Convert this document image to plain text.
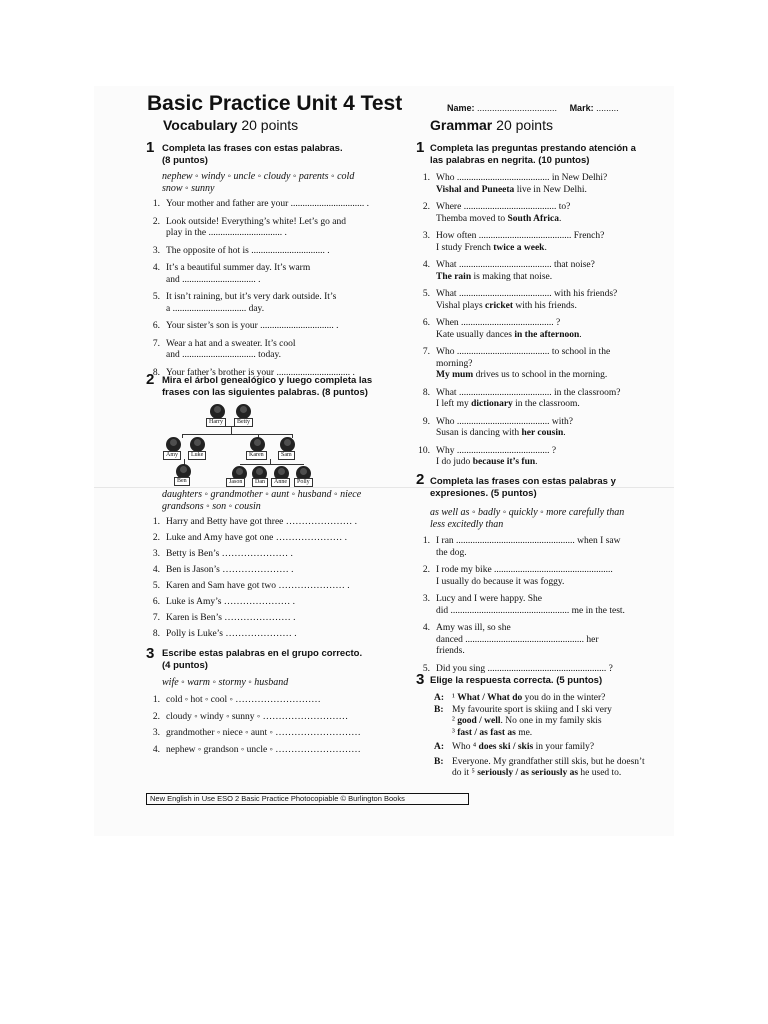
Basic Practice Unit 4 Test	Name: ................................ Mark: .........
Vocabulary 20 points	Grammar 20 points
1 Completa las frases con estas palabras.
(8 puntos)
nephew ◦ windy ◦ uncle ◦ cloudy ◦ parents ◦ cold
snow ◦ sunny
1. Your mother and father are your ............................... .
2. Look outside! Everything’s white! Let’s go and
play in the ............................... .
3. The opposite of hot is ............................... .
4. It’s a beautiful summer day. It’s warm
and ............................... .
5. It isn’t raining, but it’s very dark outside. It’s
a ............................... day.
6. Your sister’s son is your ............................... .
7. Wear a hat and a sweater. It’s cool
and ............................... today.
8. Your father’s brother is your ............................... .
2 Mira el árbol genealógico y luego completa las
frases con las siguientes palabras. (8 puntos)
Harry	Betty
Amy	Luke	Karen	Sam
Ben	Jason	Dan	Anne	Polly
daughters ◦ grandmother ◦ aunt ◦ husband ◦ niece
grandsons ◦ son ◦ cousin
1. Harry and Betty have got three ………………… .
2. Luke and Amy have got one ………………… .
3. Betty is Ben’s ………………… .
4. Ben is Jason’s ………………… .
5. Karen and Sam have got two ………………… .
6. Luke is Amy’s ………………… .
7. Karen is Ben’s ………………… .
8. Polly is Luke’s ………………… .
3 Escribe estas palabras en el grupo correcto.
(4 puntos)
wife ◦ warm ◦ stormy ◦ husband
1. cold ◦ hot ◦ cool ◦ ………………………
2. cloudy ◦ windy ◦ sunny ◦ ………………………
3. grandmother ◦ niece ◦ aunt ◦ ………………………
4. nephew ◦ grandson ◦ uncle ◦ ………………………
1 Completa las preguntas prestando atención a
las palabras en negrita. (10 puntos)
1. Who ....................................... in New Delhi?
Vishal and Puneeta live in New Delhi.
2. Where ....................................... to?
Themba moved to South Africa.
3. How often ....................................... French?
I study French twice a week.
4. What ....................................... that noise?
The rain is making that noise.
5. What ....................................... with his friends?
Vishal plays cricket with his friends.
6. When ....................................... ?
Kate usually dances in the afternoon.
7. Who ....................................... to school in the
morning?
My mum drives us to school in the morning.
8. What ....................................... in the classroom?
I left my dictionary in the classroom.
9. Who ....................................... with?
Susan is dancing with her cousin.
10. Why ....................................... ?
I do judo because it’s fun.
2 Completa las frases con estas palabras y
expresiones. (5 puntos)
as well as ◦ badly ◦ quickly ◦ more carefully than
less excitedly than
1. I ran .................................................. when I saw
the dog.
2. I rode my bike ..................................................
I usually do because it was foggy.
3. Lucy and I were happy. She
did .................................................. me in the test.
4. Amy was ill, so she
danced .................................................. her
friends.
5. Did you sing .................................................. ?
3 Elige la respuesta correcta. (5 puntos)
A: ¹ What / What do you do in the winter?
B: My favourite sport is skiing and I ski very
² good / well. No one in my family skis
³ fast / as fast as me.
A: Who ⁴ does ski / skis in your family?
B: Everyone. My grandfather still skis, but he doesn’t
do it ⁵ seriously / as seriously as he used to.
New English in Use ESO 2 Basic Practice Photocopiable © Burlington Books
